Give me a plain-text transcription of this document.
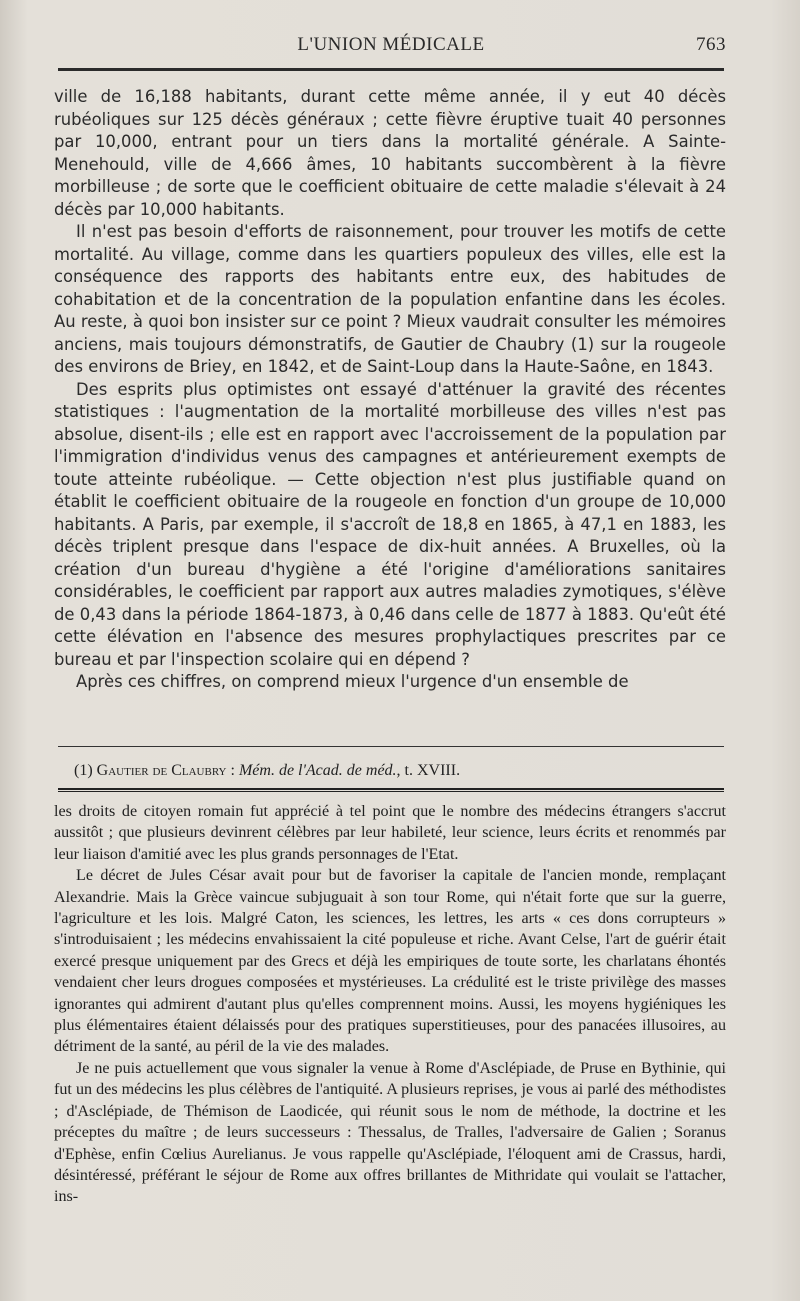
L'UNION MÉDICALE	763

ville de 16,188 habitants, durant cette même année, il y eut 40 décès rubéoliques sur 125 décès généraux ; cette fièvre éruptive tuait 40 personnes par 10,000, entrant pour un tiers dans la mortalité générale. A Sainte-Menehould, ville de 4,666 âmes, 10 habitants succombèrent à la fièvre morbilleuse ; de sorte que le coefficient obituaire de cette maladie s'élevait à 24 décès par 10,000 habitants.

Il n'est pas besoin d'efforts de raisonnement, pour trouver les motifs de cette mortalité. Au village, comme dans les quartiers populeux des villes, elle est la conséquence des rapports des habitants entre eux, des habitudes de cohabitation et de la concentration de la population enfantine dans les écoles. Au reste, à quoi bon insister sur ce point ? Mieux vaudrait consulter les mémoires anciens, mais toujours démonstratifs, de Gautier de Chaubry (1) sur la rougeole des environs de Briey, en 1842, et de Saint-Loup dans la Haute-Saône, en 1843.

Des esprits plus optimistes ont essayé d'atténuer la gravité des récentes statistiques : l'augmentation de la mortalité morbilleuse des villes n'est pas absolue, disent-ils ; elle est en rapport avec l'accroissement de la population par l'immigration d'individus venus des campagnes et antérieurement exempts de toute atteinte rubéolique. — Cette objection n'est plus justifiable quand on établit le coefficient obituaire de la rougeole en fonction d'un groupe de 10,000 habitants. A Paris, par exemple, il s'accroît de 18,8 en 1865, à 47,1 en 1883, les décès triplent presque dans l'espace de dix-huit années. A Bruxelles, où la création d'un bureau d'hygiène a été l'origine d'améliorations sanitaires considérables, le coefficient par rapport aux autres maladies zymotiques, s'élève de 0,43 dans la période 1864-1873, à 0,46 dans celle de 1877 à 1883. Qu'eût été cette élévation en l'absence des mesures prophylactiques prescrites par ce bureau et par l'inspection scolaire qui en dépend ?

Après ces chiffres, on comprend mieux l'urgence d'un ensemble de

(1) Gautier de Claubry : Mém. de l'Acad. de méd., t. XVIII.

les droits de citoyen romain fut apprécié à tel point que le nombre des médecins étrangers s'accrut aussitôt ; que plusieurs devinrent célèbres par leur habileté, leur science, leurs écrits et renommés par leur liaison d'amitié avec les plus grands personnages de l'Etat.

Le décret de Jules César avait pour but de favoriser la capitale de l'ancien monde, remplaçant Alexandrie. Mais la Grèce vaincue subjuguait à son tour Rome, qui n'était forte que sur la guerre, l'agriculture et les lois. Malgré Caton, les sciences, les lettres, les arts « ces dons corrupteurs » s'introduisaient ; les médecins envahissaient la cité populeuse et riche. Avant Celse, l'art de guérir était exercé presque uniquement par des Grecs et déjà les empiriques de toute sorte, les charlatans éhontés vendaient cher leurs drogues composées et mystérieuses. La crédulité est le triste privilège des masses ignorantes qui admirent d'autant plus qu'elles comprennent moins. Aussi, les moyens hygiéniques les plus élémentaires étaient délaissés pour des pratiques superstitieuses, pour des panacées illusoires, au détriment de la santé, au péril de la vie des malades.

Je ne puis actuellement que vous signaler la venue à Rome d'Asclépiade, de Pruse en Bythinie, qui fut un des médecins les plus célèbres de l'antiquité. A plusieurs reprises, je vous ai parlé des méthodistes ; d'Asclépiade, de Thémison de Laodicée, qui réunit sous le nom de méthode, la doctrine et les préceptes du maître ; de leurs successeurs : Thessalus, de Tralles, l'adversaire de Galien ; Soranus d'Ephèse, enfin Cœlius Aurelianus. Je vous rappelle qu'Asclépiade, l'éloquent ami de Crassus, hardi, désintéressé, préférant le séjour de Rome aux offres brillantes de Mithridate qui voulait se l'attacher, ins-
